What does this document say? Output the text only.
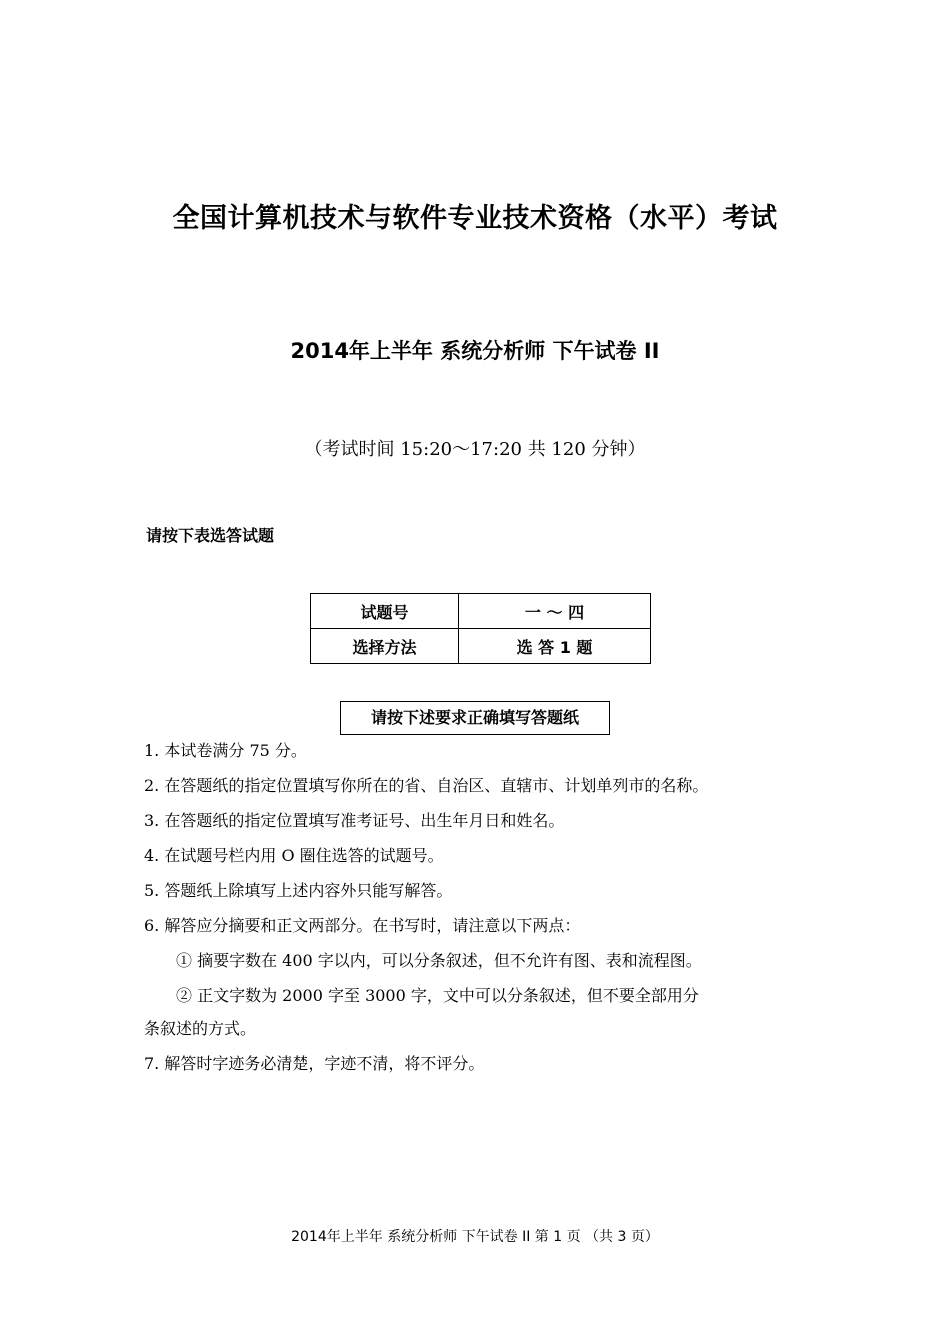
全国计算机技术与软件专业技术资格（水平）考试
2014年上半年 系统分析师 下午试卷 II
（考试时间 15:20～17:20 共 120 分钟）
请按下表选答试题
试题号	一 ～ 四
选择方法	选 答 1 题
请按下述要求正确填写答题纸
1. 本试卷满分 75 分。
2. 在答题纸的指定位置填写你所在的省、自治区、直辖市、计划单列市的名称。
3. 在答题纸的指定位置填写准考证号、出生年月日和姓名。
4. 在试题号栏内用 O 圈住选答的试题号。
5. 答题纸上除填写上述内容外只能写解答。
6. 解答应分摘要和正文两部分。在书写时，请注意以下两点：
① 摘要字数在 400 字以内，可以分条叙述，但不允许有图、表和流程图。
② 正文字数为 2000 字至 3000 字，文中可以分条叙述，但不要全部用分
条叙述的方式。
7. 解答时字迹务必清楚，字迹不清，将不评分。
2014年上半年 系统分析师 下午试卷 II 第 1 页 （共 3 页）
